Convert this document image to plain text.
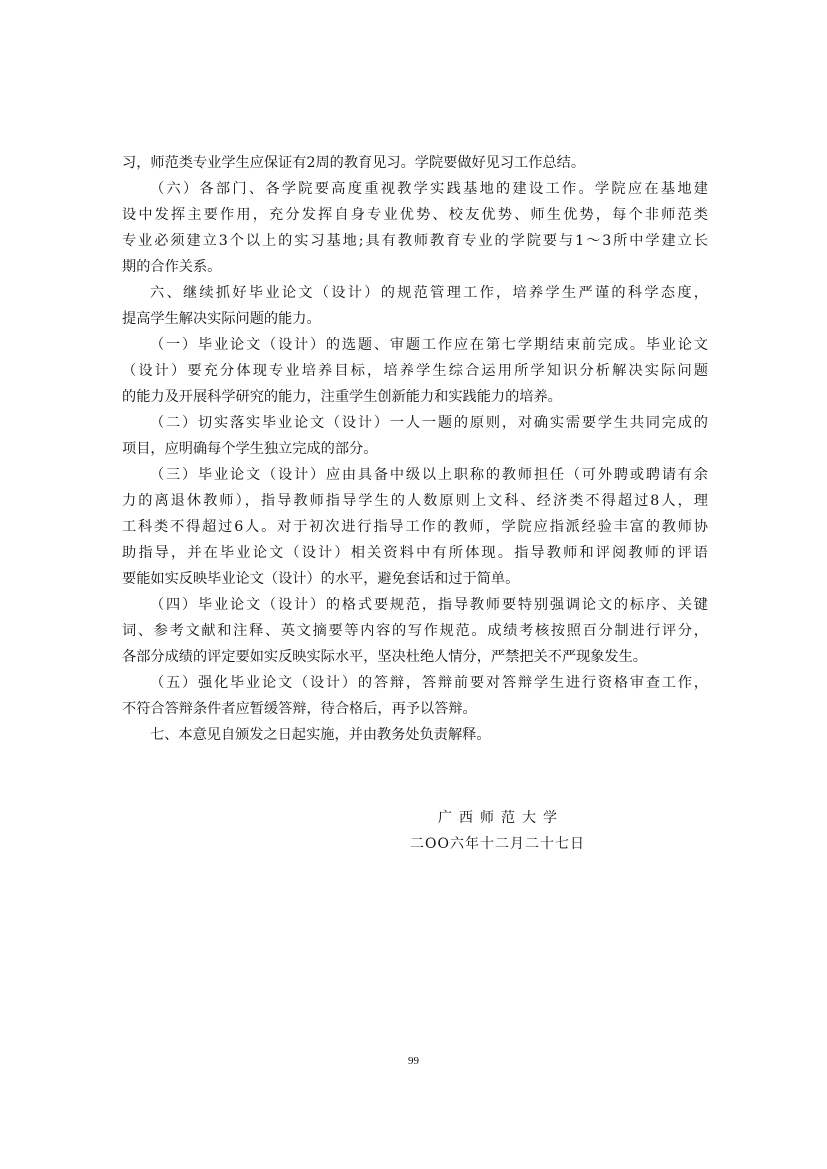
习，师范类专业学生应保证有2周的教育见习。学院要做好见习工作总结。
（六）各部门、各学院要高度重视教学实践基地的建设工作。学院应在基地建
设中发挥主要作用，充分发挥自身专业优势、校友优势、师生优势，每个非师范类
专业必须建立3个以上的实习基地;具有教师教育专业的学院要与1～3所中学建立长
期的合作关系。
六、继续抓好毕业论文（设计）的规范管理工作，培养学生严谨的科学态度，
提高学生解决实际问题的能力。
（一）毕业论文（设计）的选题、审题工作应在第七学期结束前完成。毕业论文
（设计）要充分体现专业培养目标，培养学生综合运用所学知识分析解决实际问题
的能力及开展科学研究的能力，注重学生创新能力和实践能力的培养。
（二）切实落实毕业论文（设计）一人一题的原则，对确实需要学生共同完成的
项目，应明确每个学生独立完成的部分。
（三）毕业论文（设计）应由具备中级以上职称的教师担任（可外聘或聘请有余
力的离退休教师），指导教师指导学生的人数原则上文科、经济类不得超过8人，理
工科类不得超过6人。对于初次进行指导工作的教师，学院应指派经验丰富的教师协
助指导，并在毕业论文（设计）相关资料中有所体现。指导教师和评阅教师的评语
要能如实反映毕业论文（设计）的水平，避免套话和过于简单。
（四）毕业论文（设计）的格式要规范，指导教师要特别强调论文的标序、关键
词、参考文献和注释、英文摘要等内容的写作规范。成绩考核按照百分制进行评分，
各部分成绩的评定要如实反映实际水平，坚决杜绝人情分，严禁把关不严现象发生。
（五）强化毕业论文（设计）的答辩，答辩前要对答辩学生进行资格审查工作，
不符合答辩条件者应暂缓答辩，待合格后，再予以答辩。
七、本意见自颁发之日起实施，并由教务处负责解释。
广西师范大学
二OO六年十二月二十七日
99
